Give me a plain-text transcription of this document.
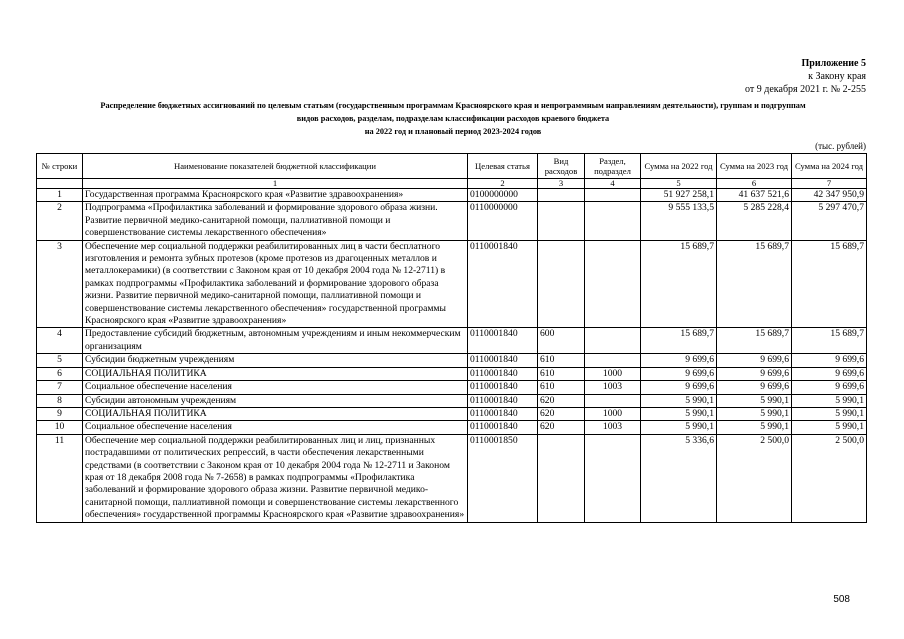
Приложение 5
к Закону края
от 9 декабря 2021 г. № 2-255
Распределение бюджетных ассигнований по целевым статьям (государственным программам Красноярского края и непрограммным направлениям деятельности), группам и подгруппам
видов расходов, разделам, подразделам классификации расходов краевого бюджета
на 2022 год и плановый период 2023-2024 годов
(тыс. рублей)
№ строки	Наименование показателей бюджетной классификации	Целевая статья	Вид расходов	Раздел, подраздел	Сумма на 2022 год	Сумма на 2023 год	Сумма на 2024 год
	1	2	3	4	5	6	7
1	Государственная программа Красноярского края «Развитие здравоохранения»	0100000000			51 927 258,1	41 637 521,6	42 347 950,9
2	Подпрограмма «Профилактика заболеваний и формирование здорового образа жизни. Развитие первичной медико-санитарной помощи, паллиативной помощи и совершенствование системы лекарственного обеспечения»	0110000000			9 555 133,5	5 285 228,4	5 297 470,7
3	Обеспечение мер социальной поддержки реабилитированных лиц в части бесплатного изготовления и ремонта зубных протезов (кроме протезов из драгоценных металлов и металлокерамики) (в соответствии с Законом края от 10 декабря 2004 года № 12-2711) в рамках подпрограммы «Профилактика заболеваний и формирование здорового образа жизни. Развитие первичной медико-санитарной помощи, паллиативной помощи и совершенствование системы лекарственного обеспечения» государственной программы Красноярского края «Развитие здравоохранения»	0110001840			15 689,7	15 689,7	15 689,7
4	Предоставление субсидий бюджетным, автономным учреждениям и иным некоммерческим организациям	0110001840	600		15 689,7	15 689,7	15 689,7
5	Субсидии бюджетным учреждениям	0110001840	610		9 699,6	9 699,6	9 699,6
6	СОЦИАЛЬНАЯ ПОЛИТИКА	0110001840	610	1000	9 699,6	9 699,6	9 699,6
7	Социальное обеспечение населения	0110001840	610	1003	9 699,6	9 699,6	9 699,6
8	Субсидии автономным учреждениям	0110001840	620		5 990,1	5 990,1	5 990,1
9	СОЦИАЛЬНАЯ ПОЛИТИКА	0110001840	620	1000	5 990,1	5 990,1	5 990,1
10	Социальное обеспечение населения	0110001840	620	1003	5 990,1	5 990,1	5 990,1
11	Обеспечение мер социальной поддержки реабилитированных лиц и лиц, признанных пострадавшими от политических репрессий, в части обеспечения лекарственными средствами (в соответствии с Законом края от 10 декабря 2004 года № 12-2711 и Законом края от 18 декабря 2008 года № 7-2658) в рамках подпрограммы «Профилактика заболеваний и формирование здорового образа жизни. Развитие первичной медико-санитарной помощи, паллиативной помощи и совершенствование системы лекарственного обеспечения» государственной программы Красноярского края «Развитие здравоохранения»	0110001850			5 336,6	2 500,0	2 500,0
508
